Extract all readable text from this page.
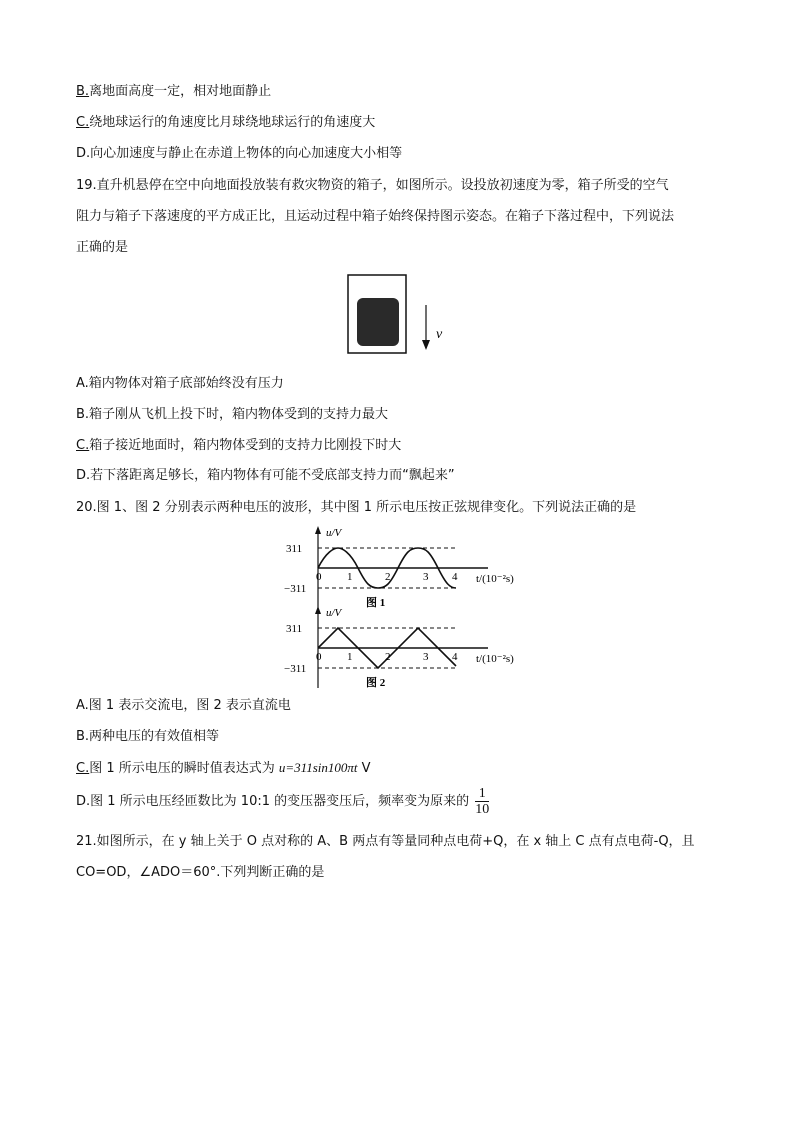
B.离地面高度一定，相对地面静止
C.绕地球运行的角速度比月球绕地球运行的角速度大
D.向心加速度与静止在赤道上物体的向心加速度大小相等
19.直升机悬停在空中向地面投放装有救灾物资的箱子，如图所示。设投放初速度为零，箱子所受的空气
阻力与箱子下落速度的平方成正比，且运动过程中箱子始终保持图示姿态。在箱子下落过程中，下列说法
正确的是
v
A.箱内物体对箱子底部始终没有压力
B.箱子刚从飞机上投下时，箱内物体受到的支持力最大
C.箱子接近地面时，箱内物体受到的支持力比刚投下时大
D.若下落距离足够长，箱内物体有可能不受底部支持力而“飘起来”
20.图 1、图 2 分别表示两种电压的波形，其中图 1 所示电压按正弦规律变化。下列说法正确的是
u/V
311
−311
0 1	2	3 4 t/(10⁻²s)
图 1
u/V
311
−311
0 1	2	3 4 t/(10⁻²s)
图 2
A.图 1 表示交流电，图 2 表示直流电
B.两种电压的有效值相等
C.图 1 所示电压的瞬时值表达式为 u=311sin100πt V
D.图 1 所示电压经匝数比为 10:1 的变压器变压后，频率变为原来的 $\frac{1}{10}$
21.如图所示，在 y 轴上关于 O 点对称的 A、B 两点有等量同种点电荷+Q，在 x 轴上 C 点有点电荷-Q，且
CO=OD，∠ADO＝60°.下列判断正确的是
